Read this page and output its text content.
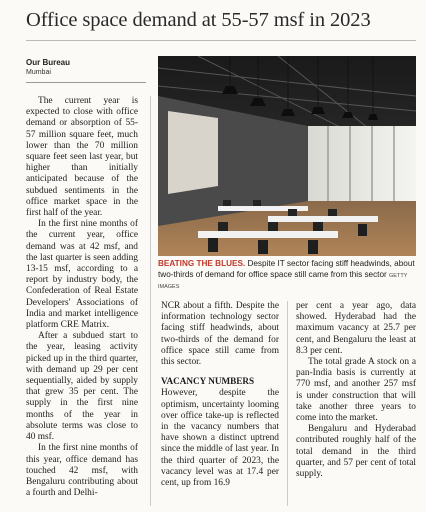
Office space demand at 55-57 msf in 2023
Our Bureau
Mumbai

The current year is expected to close with office demand or absorption of 55-57 million square feet, much lower than the 70 million square feet seen last year, but higher than initially anticipated because of the subdued sentiments in the office market space in the first half of the year.

In the first nine months of the current year, office demand was at 42 msf, and the last quarter is seen adding 13-15 msf, according to a report by industry body, the Confederation of Real Estate Developers' Associations of India and market intelligence platform CRE Matrix.

After a subdued start to the year, leasing activity picked up in the third quarter, with demand up 29 per cent sequentially, aided by supply that grew 35 per cent. The supply in the first nine months of the year in absolute terms was close to 40 msf.

In the first nine months of this year, office demand has touched 42 msf, with Bengaluru contributing about a fourth and Delhi-

BEATING THE BLUES. Despite IT sector facing stiff headwinds, about two-thirds of demand for office space still came from this sector GETTY IMAGES

NCR about a fifth. Despite the information technology sector facing stiff headwinds, about two-thirds of the demand for office space still came from this sector.

VACANCY NUMBERS

However, despite the optimism, uncertainty looming over office take-up is reflected in the vacancy numbers that have shown a distinct uptrend since the middle of last year. In the third quarter of 2023, the vacancy level was at 17.4 per cent, up from 16.9

per cent a year ago, data showed. Hyderabad had the maximum vacancy at 25.7 per cent, and Bengaluru the least at 8.3 per cent.

The total grade A stock on a pan-India basis is currently at 770 msf, and another 257 msf is under construction that will take another three years to come into the market.

Bengaluru and Hyderabad contributed roughly half of the total demand in the third quarter, and 57 per cent of total supply.
